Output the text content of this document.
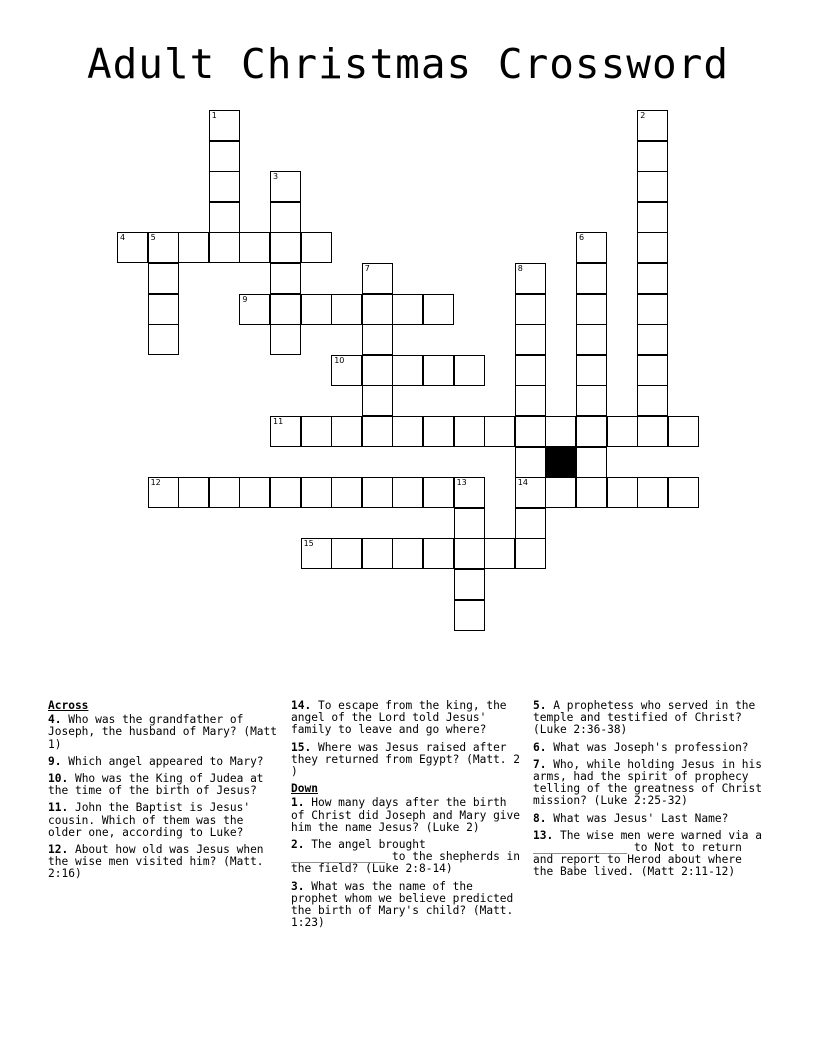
Adult Christmas Crossword
4	5
9
10
11
12	13	14
15
1	2
3
6
7	8
Across
4. Who was the grandfather of Joseph, the husband of Mary? (Matt 1)
9. Which angel appeared to Mary?
10. Who was the King of Judea at the time of the birth of Jesus?
11. John the Baptist is Jesus' cousin. Which of them was the older one, according to Luke?
12. About how old was Jesus when the wise men visited him? (Matt. 2:16)
14. To escape from the king, the angel of the Lord told Jesus' family to leave and go where?
15. Where was Jesus raised after they returned from Egypt? (Matt. 2 )
Down
1. How many days after the birth of Christ did Joseph and Mary give him the name Jesus? (Luke 2)
2. The angel brought ______________ to the shepherds in the field? (Luke 2:8-14)
3. What was the name of the prophet whom we believe predicted the birth of Mary's child? (Matt. 1:23)
5. A prophetess who served in the temple and testified of Christ? (Luke 2:36-38)
6. What was Joseph's profession?
7. Who, while holding Jesus in his arms, had the spirit of prophecy telling of the greatness of Christ mission? (Luke 2:25-32)
8. What was Jesus' Last Name?
13. The wise men were warned via a ______________ to Not to return and report to Herod about where the Babe lived. (Matt 2:11-12)
